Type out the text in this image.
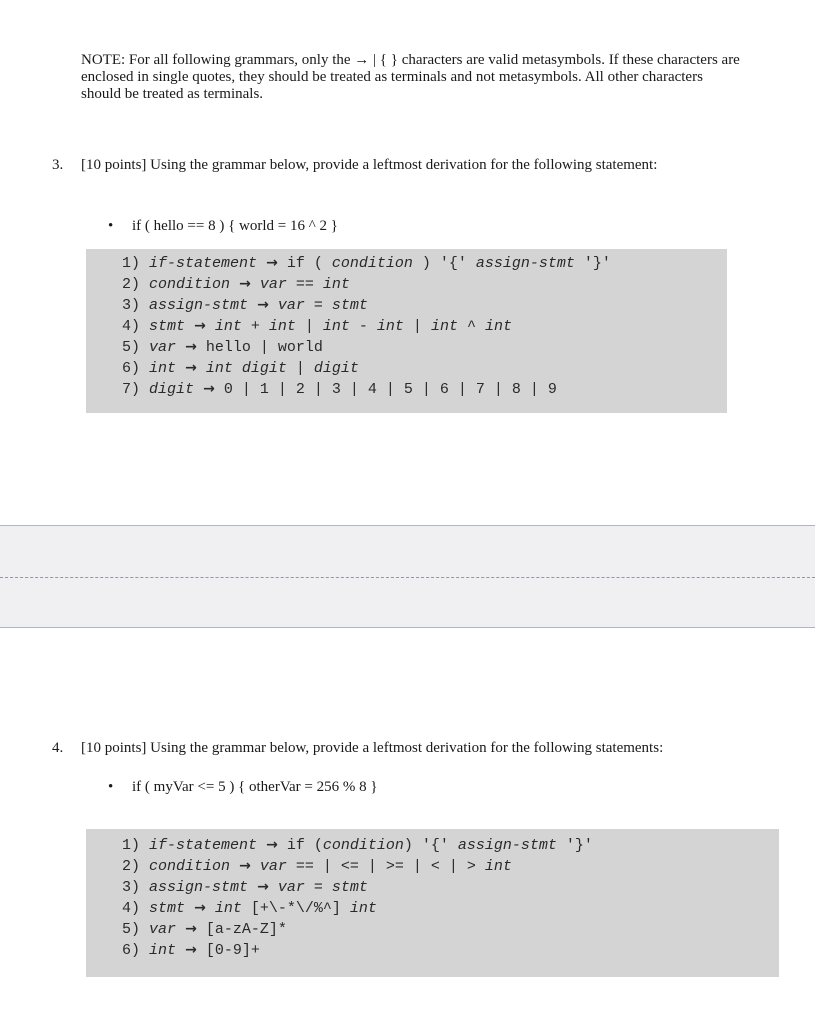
NOTE: For all following grammars, only the → | { } characters are valid metasymbols. If these characters are enclosed in single quotes, they should be treated as terminals and not metasymbols. All other characters should be treated as terminals.
3. [10 points] Using the grammar below, provide a leftmost derivation for the following statement:
• if ( hello == 8 ) { world = 16 ^ 2 }
1) if-statement → if ( condition ) '{' assign-stmt '}'
2) condition → var == int
3) assign-stmt → var = stmt
4) stmt → int + int | int - int | int ^ int
5) var → hello | world
6) int → int digit | digit
7) digit → 0 | 1 | 2 | 3 | 4 | 5 | 6 | 7 | 8 | 9
4. [10 points] Using the grammar below, provide a leftmost derivation for the following statements:
• if ( myVar <= 5 ) { otherVar = 256 % 8 }
1) if-statement → if (condition) '{' assign-stmt '}'
2) condition → var == | <= | >= | < | > int
3) assign-stmt → var = stmt
4) stmt → int [+\-*\/%^] int
5) var → [a-zA-Z]*
6) int → [0-9]+
